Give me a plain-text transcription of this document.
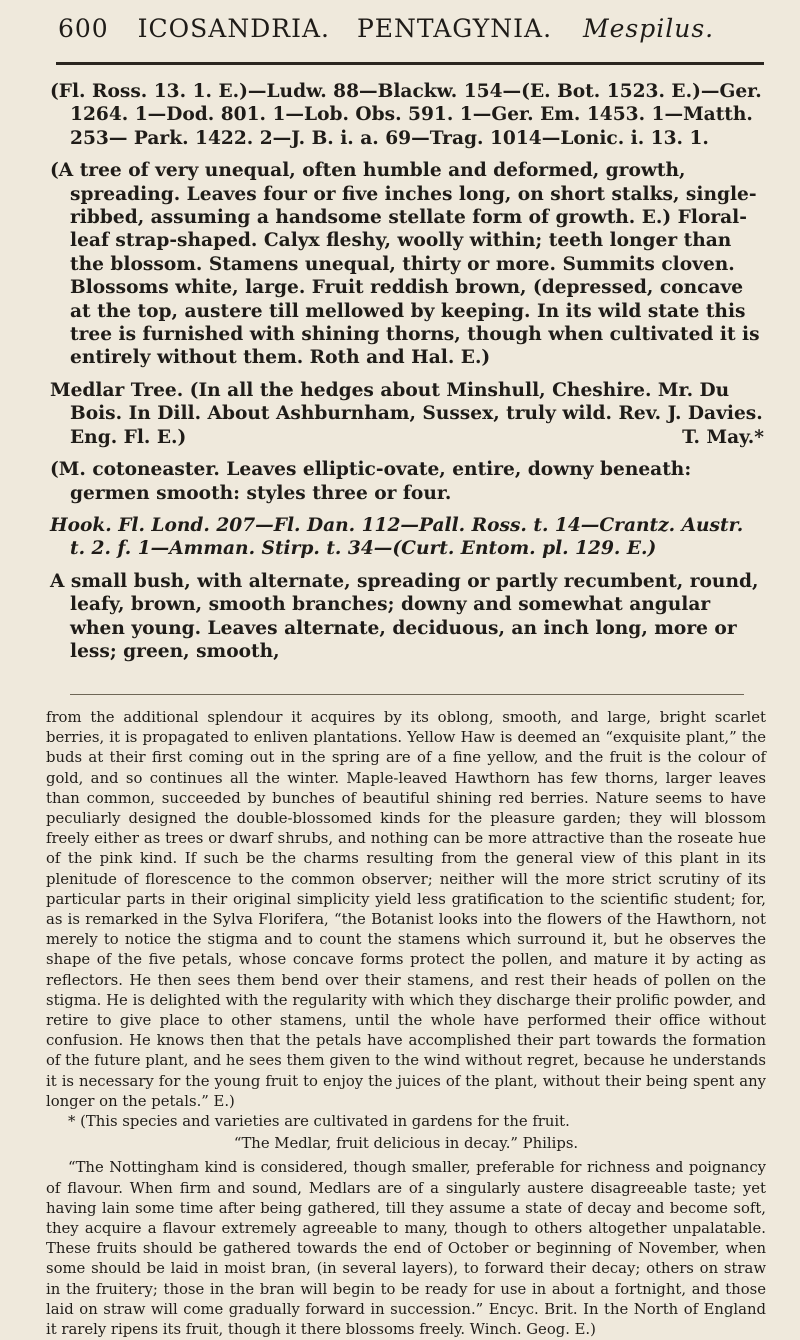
600 ICOSANDRIA. PENTAGYNIA. Mespilus.

(Fl. Ross. 13. 1. E.)—Ludw. 88—Blackw. 154—(E. Bot. 1523. E.)—Ger. 1264. 1—Dod. 801. 1—Lob. Obs. 591. 1—Ger. Em. 1453. 1—Matth. 253— Park. 1422. 2—J. B. i. a. 69—Trag. 1014—Lonic. i. 13. 1.

(A tree of very unequal, often humble and deformed, growth, spreading. Leaves four or five inches long, on short stalks, single-ribbed, assuming a handsome stellate form of growth. E.) Floral-leaf strap-shaped. Calyx fleshy, woolly within; teeth longer than the blossom. Stamens unequal, thirty or more. Summits cloven. Blossoms white, large. Fruit reddish brown, (depressed, concave at the top, austere till mellowed by keeping. In its wild state this tree is furnished with shining thorns, though when cultivated it is entirely without them. Roth and Hal. E.)

Medlar Tree. (In all the hedges about Minshull, Cheshire. Mr. Du Bois. In Dill. About Ashburnham, Sussex, truly wild. Rev. J. Davies. Eng. Fl. E.)	T. May.*

(M. cotoneaster. Leaves elliptic-ovate, entire, downy beneath: germen smooth: styles three or four.

Hook. Fl. Lond. 207—Fl. Dan. 112—Pall. Ross. t. 14—Crantz. Austr. t. 2. f. 1—Amman. Stirp. t. 34—(Curt. Entom. pl. 129. E.)

A small bush, with alternate, spreading or partly recumbent, round, leafy, brown, smooth branches; downy and somewhat angular when young. Leaves alternate, deciduous, an inch long, more or less; green, smooth,

from the additional splendour it acquires by its oblong, smooth, and large, bright scarlet berries, it is propagated to enliven plantations. Yellow Haw is deemed an “exquisite plant,” the buds at their first coming out in the spring are of a fine yellow, and the fruit is the colour of gold, and so continues all the winter. Maple-leaved Hawthorn has few thorns, larger leaves than common, succeeded by bunches of beautiful shining red berries. Nature seems to have peculiarly designed the double-blossomed kinds for the pleasure garden; they will blossom freely either as trees or dwarf shrubs, and nothing can be more attractive than the roseate hue of the pink kind. If such be the charms resulting from the general view of this plant in its plenitude of florescence to the common observer; neither will the more strict scrutiny of its particular parts in their original simplicity yield less gratification to the scientific student; for, as is remarked in the Sylva Florifera, “the Botanist looks into the flowers of the Hawthorn, not merely to notice the stigma and to count the stamens which surround it, but he observes the shape of the five petals, whose concave forms protect the pollen, and mature it by acting as reflectors. He then sees them bend over their stamens, and rest their heads of pollen on the stigma. He is delighted with the regularity with which they discharge their prolific powder, and retire to give place to other stamens, until the whole have performed their office without confusion. He knows then that the petals have accomplished their part towards the formation of the future plant, and he sees them given to the wind without regret, because he understands it is necessary for the young fruit to enjoy the juices of the plant, without their being spent any longer on the petals.” E.)

* (This species and varieties are cultivated in gardens for the fruit.

“The Medlar, fruit delicious in decay.” Philips.

“The Nottingham kind is considered, though smaller, preferable for richness and poignancy of flavour. When firm and sound, Medlars are of a singularly austere disagreeable taste; yet having lain some time after being gathered, till they assume a state of decay and become soft, they acquire a flavour extremely agreeable to many, though to others altogether unpalatable. These fruits should be gathered towards the end of October or beginning of November, when some should be laid in moist bran, (in several layers), to forward their decay; others on straw in the fruitery; those in the bran will begin to be ready for use in about a fortnight, and those laid on straw will come gradually forward in succession.” Encyc. Brit. In the North of England it rarely ripens its fruit, though it there blossoms freely. Winch. Geog. E.)
